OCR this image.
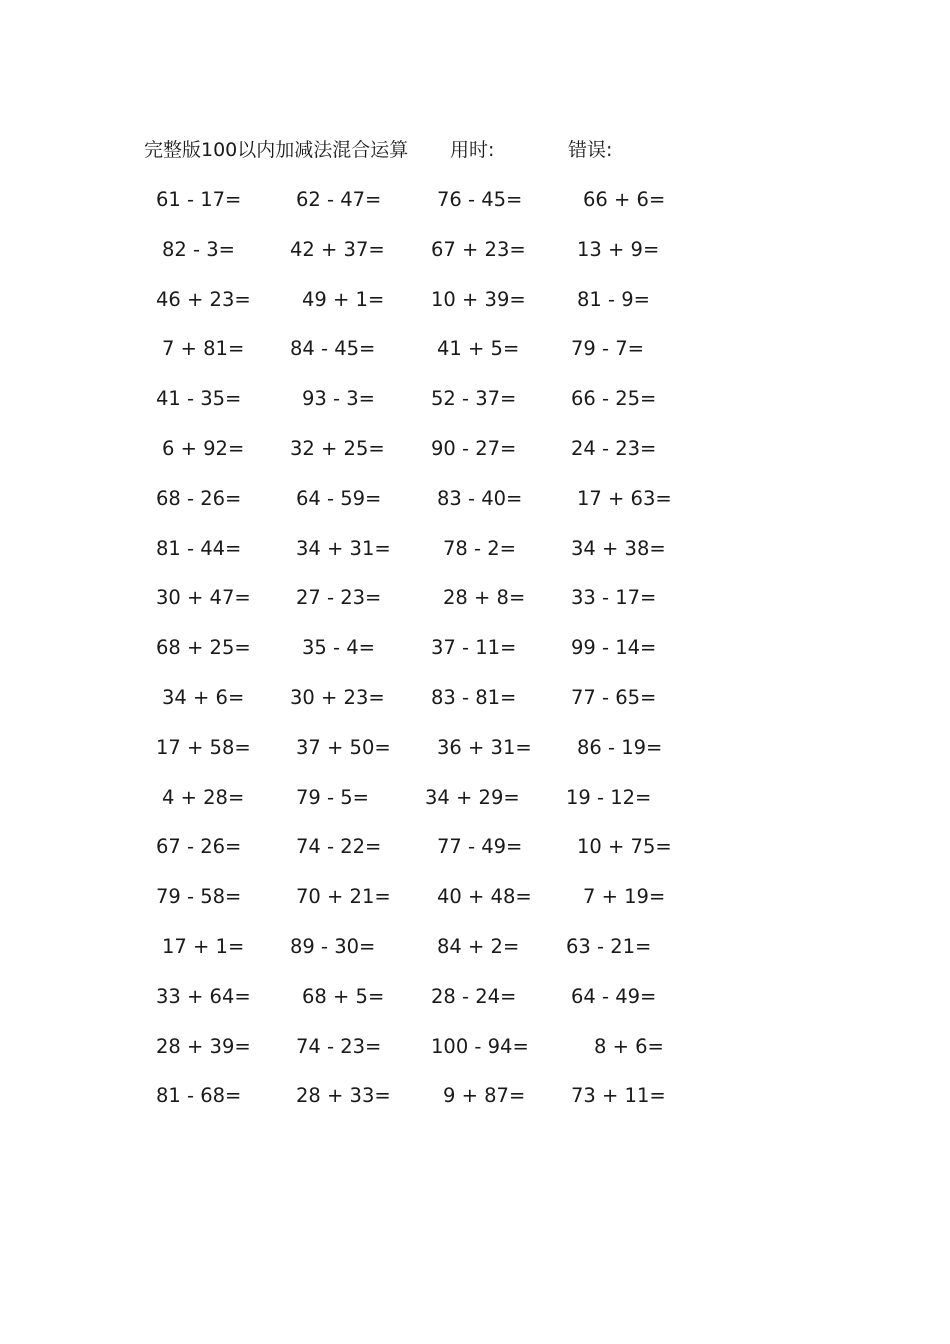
完整版100以内加减法混合运算 用时:	错误:
61 - 17=	62 - 47=	76 - 45=	66 + 6=
82 - 3=	42 + 37= 67 + 23=	13 + 9=
46 + 23=	49 + 1= 10 + 39=	81 - 9=
7 + 81= 84 - 45=	41 + 5=	79 - 7=
41 - 35=	93 - 3=	52 - 37=	66 - 25=
6 + 92= 32 + 25= 90 - 27=	24 - 23=
68 - 26=	64 - 59=	83 - 40=	17 + 63=
81 - 44=	34 + 31=	78 - 2=	34 + 38=
30 + 47= 27 - 23=	28 + 8= 33 - 17=
68 + 25=	35 - 4=	37 - 11=	99 - 14=
34 + 6= 30 + 23= 83 - 81=	77 - 65=
17 + 58= 37 + 50= 36 + 31= 86 - 19=
4 + 28=	79 - 5=	34 + 29= 19 - 12=
67 - 26=	74 - 22=	77 - 49=	10 + 75=
79 - 58=	70 + 21= 40 + 48=	7 + 19=
17 + 1= 89 - 30=	84 + 2= 63 - 21=
33 + 64=	68 + 5= 28 - 24=	64 - 49=
28 + 39= 74 - 23=	100 - 94=	8 + 6=
81 - 68=	28 + 33=	9 + 87= 73 + 11=
